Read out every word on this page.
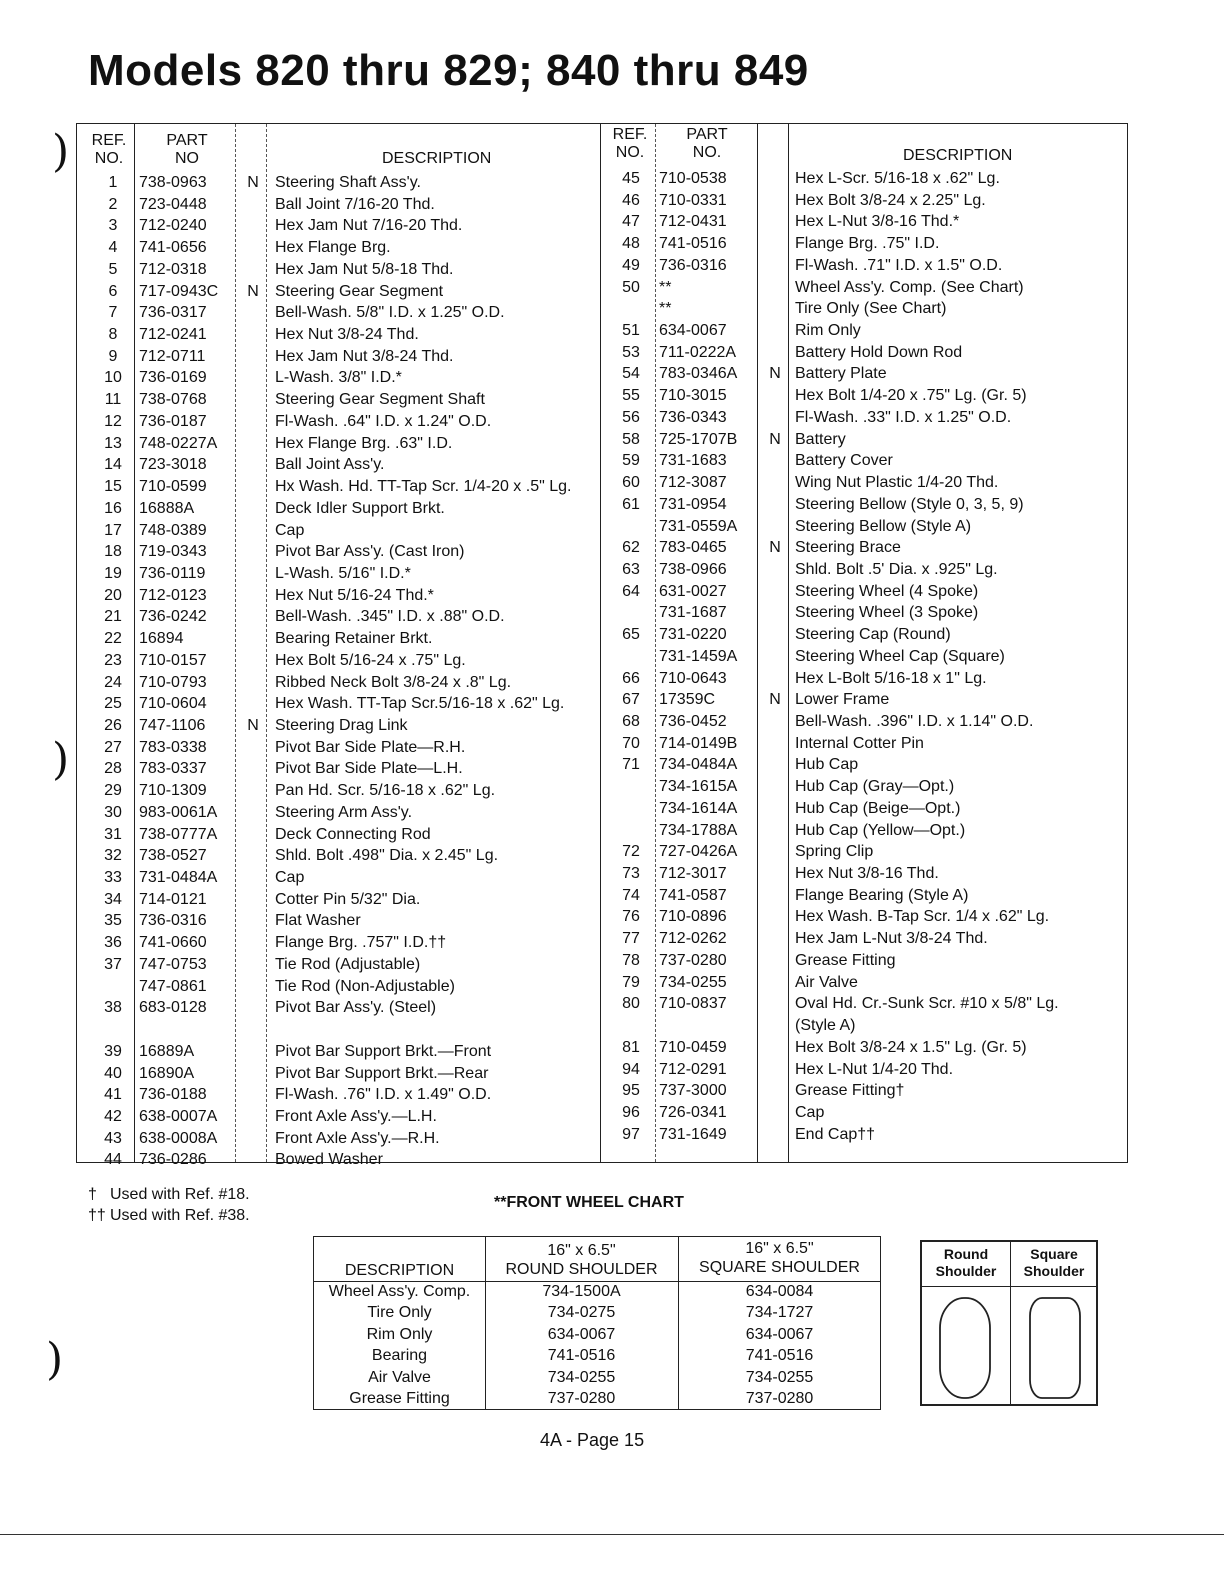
Models 820 thru 829; 840 thru 849
)
)
)
REF.
NO.
PART
NO	DESCRIPTION
REF.
NO.
PART
NO.	DESCRIPTION
1	738-0963	N	Steering Shaft Ass'y.
2	723-0448	Ball Joint 7/16-20 Thd.
3	712-0240	Hex Jam Nut 7/16-20 Thd.
4	741-0656	Hex Flange Brg.
5	712-0318	Hex Jam Nut 5/8-18 Thd.
6	717-0943C	N	Steering Gear Segment
7	736-0317	Bell-Wash. 5/8" I.D. x 1.25" O.D.
8	712-0241	Hex Nut 3/8-24 Thd.
9	712-0711	Hex Jam Nut 3/8-24 Thd.
10	736-0169	L-Wash. 3/8" I.D.*
11	738-0768	Steering Gear Segment Shaft
12	736-0187	Fl-Wash. .64" I.D. x 1.24" O.D.
13	748-0227A	Hex Flange Brg. .63" I.D.
14	723-3018	Ball Joint Ass'y.
15	710-0599	Hx Wash. Hd. TT-Tap Scr. 1/4-20 x .5" Lg.
16	16888A	Deck Idler Support Brkt.
17	748-0389	Cap
18	719-0343	Pivot Bar Ass'y. (Cast Iron)
19	736-0119	L-Wash. 5/16" I.D.*
20	712-0123	Hex Nut 5/16-24 Thd.*
21	736-0242	Bell-Wash. .345" I.D. x .88" O.D.
22	16894	Bearing Retainer Brkt.
23	710-0157	Hex Bolt 5/16-24 x .75" Lg.
24	710-0793	Ribbed Neck Bolt 3/8-24 x .8" Lg.
25	710-0604	Hex Wash. TT-Tap Scr.5/16-18 x .62" Lg.
26	747-1106	N	Steering Drag Link
27	783-0338	Pivot Bar Side Plate—R.H.
28	783-0337	Pivot Bar Side Plate—L.H.
29	710-1309	Pan Hd. Scr. 5/16-18 x .62" Lg.
30	983-0061A	Steering Arm Ass'y.
31	738-0777A	Deck Connecting Rod
32	738-0527	Shld. Bolt .498" Dia. x 2.45" Lg.
33	731-0484A	Cap
34	714-0121	Cotter Pin 5/32" Dia.
35	736-0316	Flat Washer
36	741-0660	Flange Brg. .757" I.D.††
37	747-0753	Tie Rod (Adjustable)
747-0861	Tie Rod (Non-Adjustable)
38	683-0128	Pivot Bar Ass'y. (Steel)
39	16889A	Pivot Bar Support Brkt.—Front
40	16890A	Pivot Bar Support Brkt.—Rear
41	736-0188	Fl-Wash. .76" I.D. x 1.49" O.D.
42	638-0007A	Front Axle Ass'y.—L.H.
43	638-0008A	Front Axle Ass'y.—R.H.
44	736-0286	Bowed Washer
45	710-0538	Hex L-Scr. 5/16-18 x .62" Lg.
46	710-0331	Hex Bolt 3/8-24 x 2.25" Lg.
47	712-0431	Hex L-Nut 3/8-16 Thd.*
48	741-0516	Flange Brg. .75" I.D.
49	736-0316	Fl-Wash. .71" I.D. x 1.5" O.D.
50	**	Wheel Ass'y. Comp. (See Chart)
**	Tire Only (See Chart)
51	634-0067	Rim Only
53	711-0222A	Battery Hold Down Rod
54	783-0346A	N Battery Plate
55	710-3015	Hex Bolt 1/4-20 x .75" Lg. (Gr. 5)
56	736-0343	Fl-Wash. .33" I.D. x 1.25" O.D.
58	725-1707B	N Battery
59	731-1683	Battery Cover
60	712-3087	Wing Nut Plastic 1/4-20 Thd.
61	731-0954	Steering Bellow (Style 0, 3, 5, 9)
731-0559A	Steering Bellow (Style A)
62	783-0465	N Steering Brace
63	738-0966	Shld. Bolt .5' Dia. x .925" Lg.
64	631-0027	Steering Wheel (4 Spoke)
731-1687	Steering Wheel (3 Spoke)
65	731-0220	Steering Cap (Round)
731-1459A	Steering Wheel Cap (Square)
66	710-0643	Hex L-Bolt 5/16-18 x 1" Lg.
67	17359C	N Lower Frame
68	736-0452	Bell-Wash. .396" I.D. x 1.14" O.D.
70	714-0149B	Internal Cotter Pin
71	734-0484A	Hub Cap
734-1615A	Hub Cap (Gray—Opt.)
734-1614A	Hub Cap (Beige—Opt.)
734-1788A	Hub Cap (Yellow—Opt.)
72	727-0426A	Spring Clip
73	712-3017	Hex Nut 3/8-16 Thd.
74	741-0587	Flange Bearing (Style A)
76	710-0896	Hex Wash. B-Tap Scr. 1/4 x .62" Lg.
77	712-0262	Hex Jam L-Nut 3/8-24 Thd.
78	737-0280	Grease Fitting
79	734-0255	Air Valve
80	710-0837	Oval Hd. Cr.-Sunk Scr. #10 x 5/8" Lg.
(Style A)
81	710-0459	Hex Bolt 3/8-24 x 1.5" Lg. (Gr. 5)
94	712-0291	Hex L-Nut 1/4-20 Thd.
95	737-3000	Grease Fitting†
96	726-0341	Cap
97	731-1649	End Cap††
† Used with Ref. #18.
†† Used with Ref. #38.
**FRONT WHEEL CHART
DESCRIPTION
16" x 6.5"
ROUND SHOULDER
16" x 6.5"
SQUARE SHOULDER
Wheel Ass'y. Comp.	734-1500A	634-0084
Tire Only	734-0275	734-1727
Rim Only	634-0067	634-0067
Bearing	741-0516	741-0516
Air Valve	734-0255	734-0255
Grease Fitting	737-0280	737-0280
Round
Shoulder
Square
Shoulder
4A - Page 15
